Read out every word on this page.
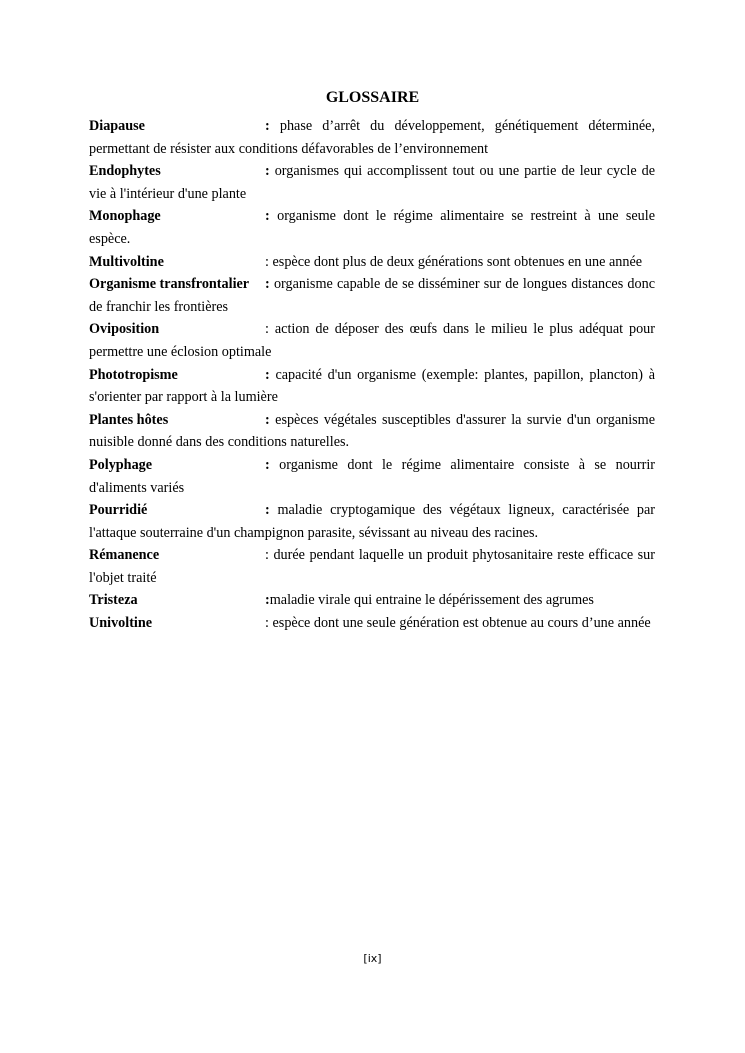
GLOSSAIRE
Diapause	: phase d’arrêt du développement, génétiquement déterminée, permettant de résister aux conditions défavorables de l’environnement
Endophytes	: organismes qui accomplissent tout ou une partie de leur cycle de vie à l'intérieur d'une plante
Monophage	: organisme dont le régime alimentaire se restreint à une seule espèce.
Multivoltine	: espèce dont plus de deux générations sont obtenues en une année
Organisme transfrontalier : organisme capable de se disséminer sur de longues distances donc de franchir les frontières
Oviposition	: action de déposer des œufs dans le milieu le plus adéquat pour permettre une éclosion optimale
Phototropisme	: capacité d'un organisme (exemple: plantes, papillon, plancton) à s'orienter par rapport à la lumière
Plantes hôtes	: espèces végétales susceptibles d'assurer la survie d'un organisme nuisible donné dans des conditions naturelles.
Polyphage	: organisme dont le régime alimentaire consiste à se nourrir d'aliments variés
Pourridié	: maladie cryptogamique des végétaux ligneux, caractérisée par l'attaque souterraine d'un champignon parasite, sévissant au niveau des racines.
Rémanence	: durée pendant laquelle un produit phytosanitaire reste efficace sur l'objet traité
Tristeza	:maladie virale qui entraine le dépérissement des agrumes
Univoltine	: espèce dont une seule génération est obtenue au cours d’une année
[ix]
